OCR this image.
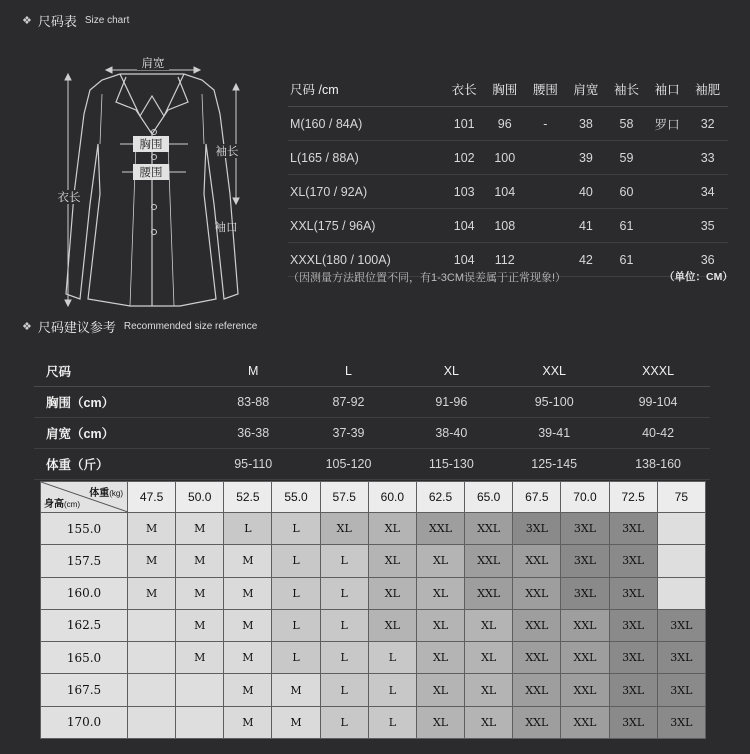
❖ 尺码表 Size chart
肩宽
胸围
腰围
衣长
袖长
袖口
尺码 /cm	衣长	胸围	腰围	肩宽	袖长	袖口	袖肥
M(160 / 84A)	101	96	-	38	58	罗口	32
L(165 / 88A)	102	100		39	59		33
XL(170 / 92A)	103	104		40	60		34
XXL(175 / 96A)	104	108		41	61		35
XXXL(180 / 100A)	104	112		42	61		36
（因测量方法跟位置不同，有1-3CM误差属于正常现象!）	（单位：CM）
❖ 尺码建议参考 Recommended size reference
尺码	M	L	XL	XXL	XXXL
胸围（cm）	83-88	87-92	91-96	95-100	99-104
肩宽（cm）	36-38	37-39	38-40	39-41	40-42
体重（斤）	95-110	105-120	115-130	125-145	138-160
体重(kg)
身高(cm)	47.5	50.0	52.5	55.0	57.5	60.0	62.5	65.0	67.5	70.0	72.5	75
155.0	M	M	L	L	XL	XL	XXL	XXL	3XL	3XL	3XL	
157.5	M	M	M	L	L	XL	XL	XXL	XXL	3XL	3XL	
160.0	M	M	M	L	L	XL	XL	XXL	XXL	3XL	3XL	
162.5		M	M	L	L	XL	XL	XL	XXL	XXL	3XL	3XL
165.0		M	M	L	L	L	XL	XL	XXL	XXL	3XL	3XL
167.5			M	M	L	L	XL	XL	XXL	XXL	3XL	3XL
170.0			M	M	L	L	XL	XL	XXL	XXL	3XL	3XL
